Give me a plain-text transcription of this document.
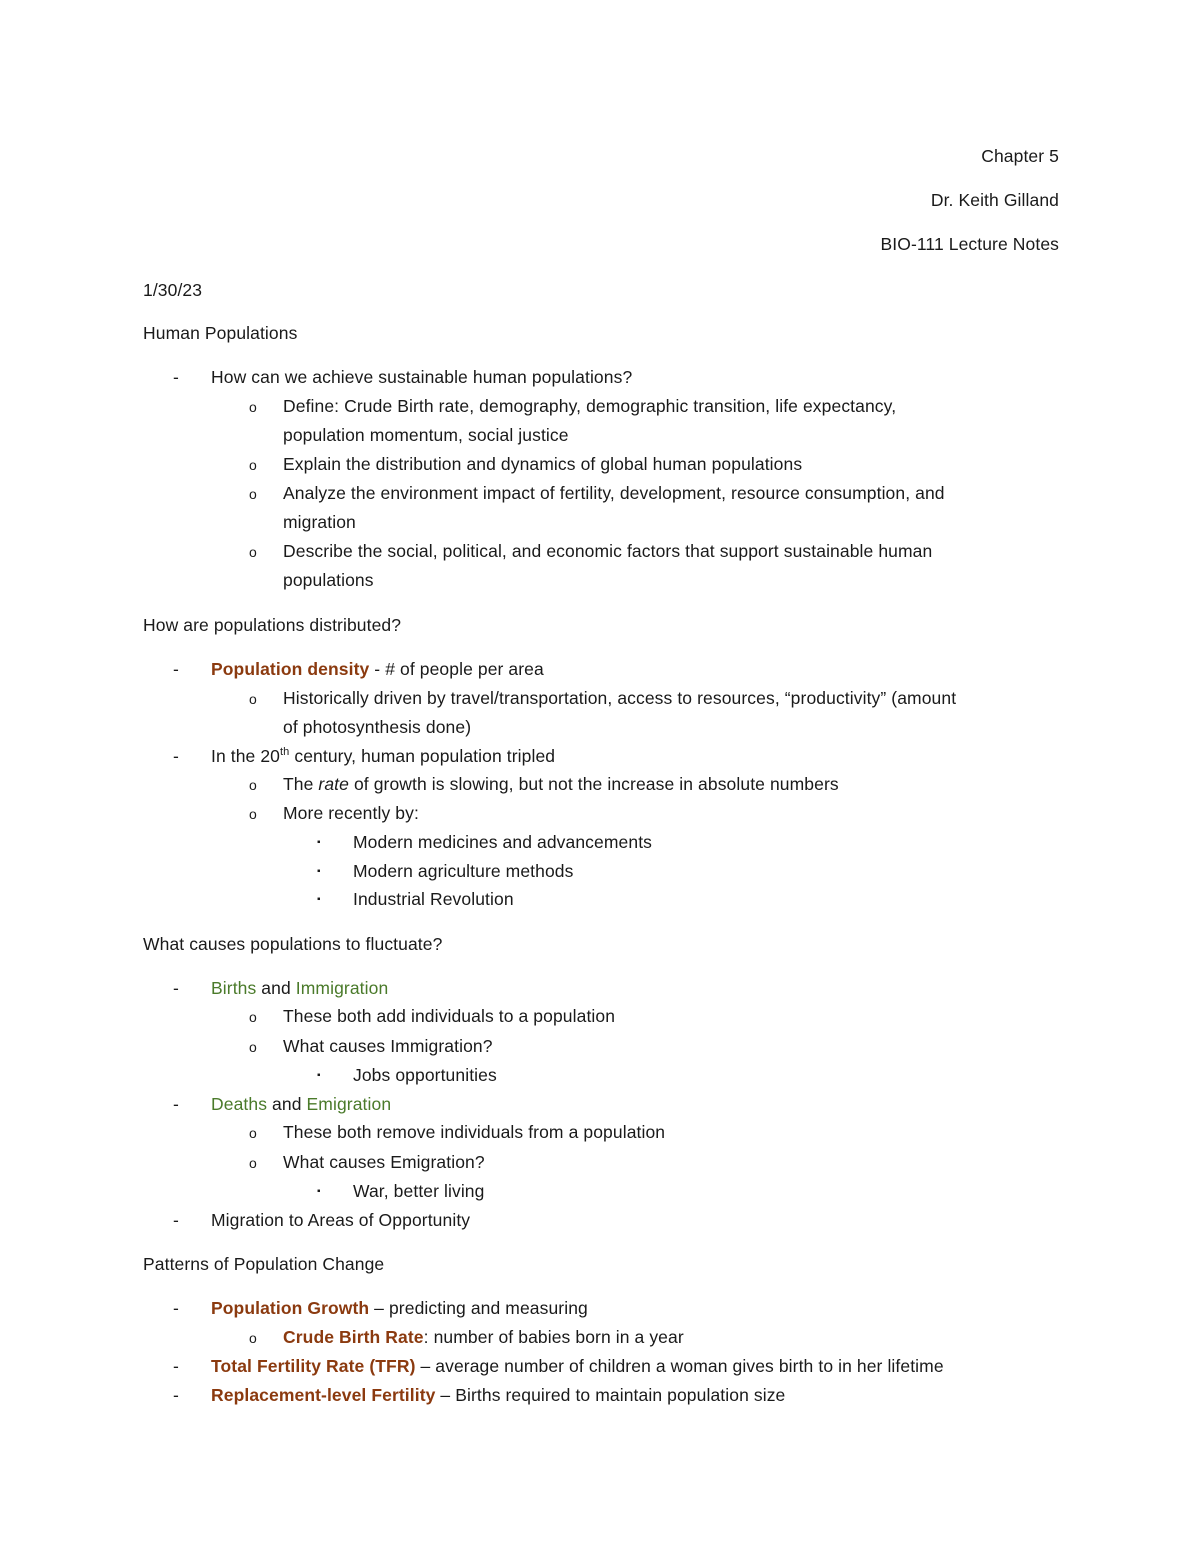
Chapter 5
Dr. Keith Gilland
BIO-111 Lecture Notes
1/30/23
Human Populations
- How can we achieve sustainable human populations?
o Define: Crude Birth rate, demography, demographic transition, life expectancy,
population momentum, social justice
o Explain the distribution and dynamics of global human populations
o Analyze the environment impact of fertility, development, resource consumption, and
migration
o Describe the social, political, and economic factors that support sustainable human
populations
How are populations distributed?
- Population density - # of people per area
o Historically driven by travel/transportation, access to resources, “productivity” (amount
of photosynthesis done)
- In the 20th century, human population tripled
o The rate of growth is slowing, but not the increase in absolute numbers
o More recently by:
▪ Modern medicines and advancements
▪ Modern agriculture methods
▪ Industrial Revolution
What causes populations to fluctuate?
- Births and Immigration
o These both add individuals to a population
o What causes Immigration?
▪ Jobs opportunities
- Deaths and Emigration
o These both remove individuals from a population
o What causes Emigration?
▪ War, better living
- Migration to Areas of Opportunity
Patterns of Population Change
- Population Growth – predicting and measuring
o Crude Birth Rate: number of babies born in a year
- Total Fertility Rate (TFR) – average number of children a woman gives birth to in her lifetime
- Replacement-level Fertility – Births required to maintain population size
